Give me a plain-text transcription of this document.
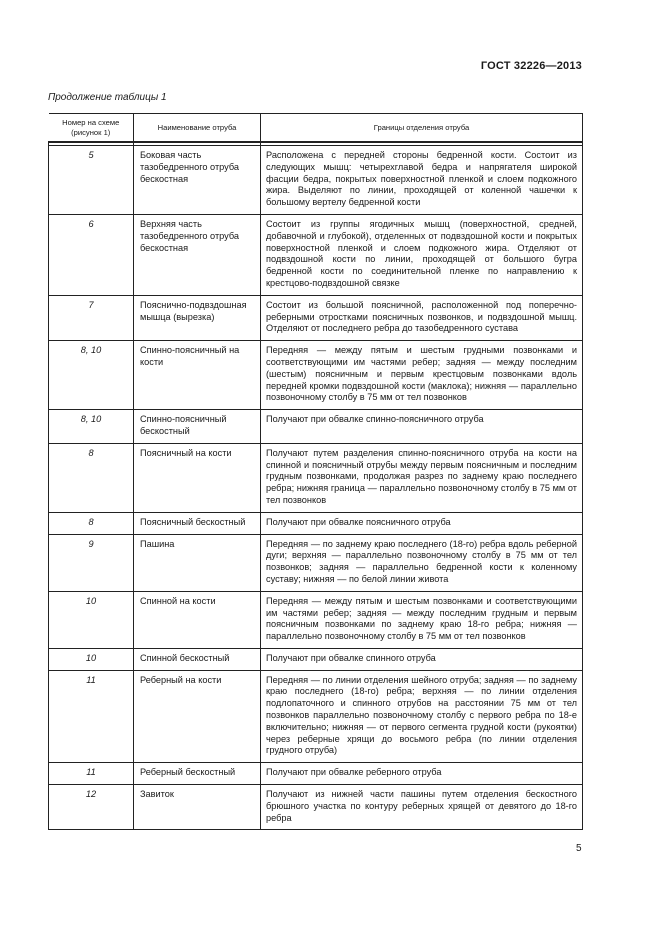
ГОСТ 32226—2013
Продолжение таблицы 1
Номер на схеме (рисунок 1)	Наименование отруба	Границы отделения отруба

5	Боковая часть тазобедренного отруба бескостная	Расположена с передней стороны бедренной кости. Состоит из следующих мышц: четырехглавой бедра и напрягателя широкой фасции бедра, покрытых поверхностной пленкой и слоем подкожного жира. Выделяют по линии, проходящей от коленной чашечки к большому вертелу бедренной кости
6	Верхняя часть тазобедренного отруба бескостная	Состоит из группы ягодичных мышц (поверхностной, средней, добавочной и глубокой), отделенных от подвздошной кости и покрытых поверхностной пленкой и слоем подкожного жира. Отделяют от подвздошной кости по линии, проходящей от большого бугра бедренной кости по соединительной пленке по направлению к крестцово-подвздошной связке
7	Пояснично-подвздошная мышца (вырезка)	Состоит из большой поясничной, расположенной под поперечно-реберными отростками поясничных позвонков, и подвздошной мышц. Отделяют от последнего ребра до тазобедренного сустава
8, 10	Спинно-поясничный на кости	Передняя — между пятым и шестым грудными позвонками и соответствующими им частями ребер; задняя — между последним (шестым) поясничным и первым крестцовым позвонками вдоль передней кромки подвздошной кости (маклока); нижняя — параллельно позвоночному столбу в 75 мм от тел позвонков
8, 10	Спинно-поясничный бескостный	Получают при обвалке спинно-поясничного отруба
8	Поясничный на кости	Получают путем разделения спинно-поясничного отруба на кости на спинной и поясничный отрубы между первым поясничным и последним грудным позвонками, продолжая разрез по заднему краю последнего ребра; нижняя граница — параллельно позвоночному столбу в 75 мм от тел позвонков
8	Поясничный бескостный	Получают при обвалке поясничного отруба
9	Пашина	Передняя — по заднему краю последнего (18-го) ребра вдоль реберной дуги; верхняя — параллельно позвоночному столбу в 75 мм от тел позвонков; задняя — параллельно бедренной кости к коленному суставу; нижняя — по белой линии живота
10	Спинной на кости	Передняя — между пятым и шестым позвонками и соответствующими им частями ребер; задняя — между последним грудным и первым поясничным позвонками по заднему краю 18-го ребра; нижняя — параллельно позвоночному столбу в 75 мм от тел позвонков
10	Спинной бескостный	Получают при обвалке спинного отруба
11	Реберный на кости	Передняя — по линии отделения шейного отруба; задняя — по заднему краю последнего (18-го) ребра; верхняя — по линии отделения подлопаточного и спинного отрубов на расстоянии 75 мм от тел позвонков параллельно позвоночному столбу с первого ребра по 18-е включительно; нижняя — от первого сегмента грудной кости (рукоятки) через реберные хрящи до восьмого ребра (по линии отделения грудного отруба)
11	Реберный бескостный	Получают при обвалке реберного отруба
12	Завиток	Получают из нижней части пашины путем отделения бескостного брюшного участка по контуру реберных хрящей от девятого до 18-го ребра
5
